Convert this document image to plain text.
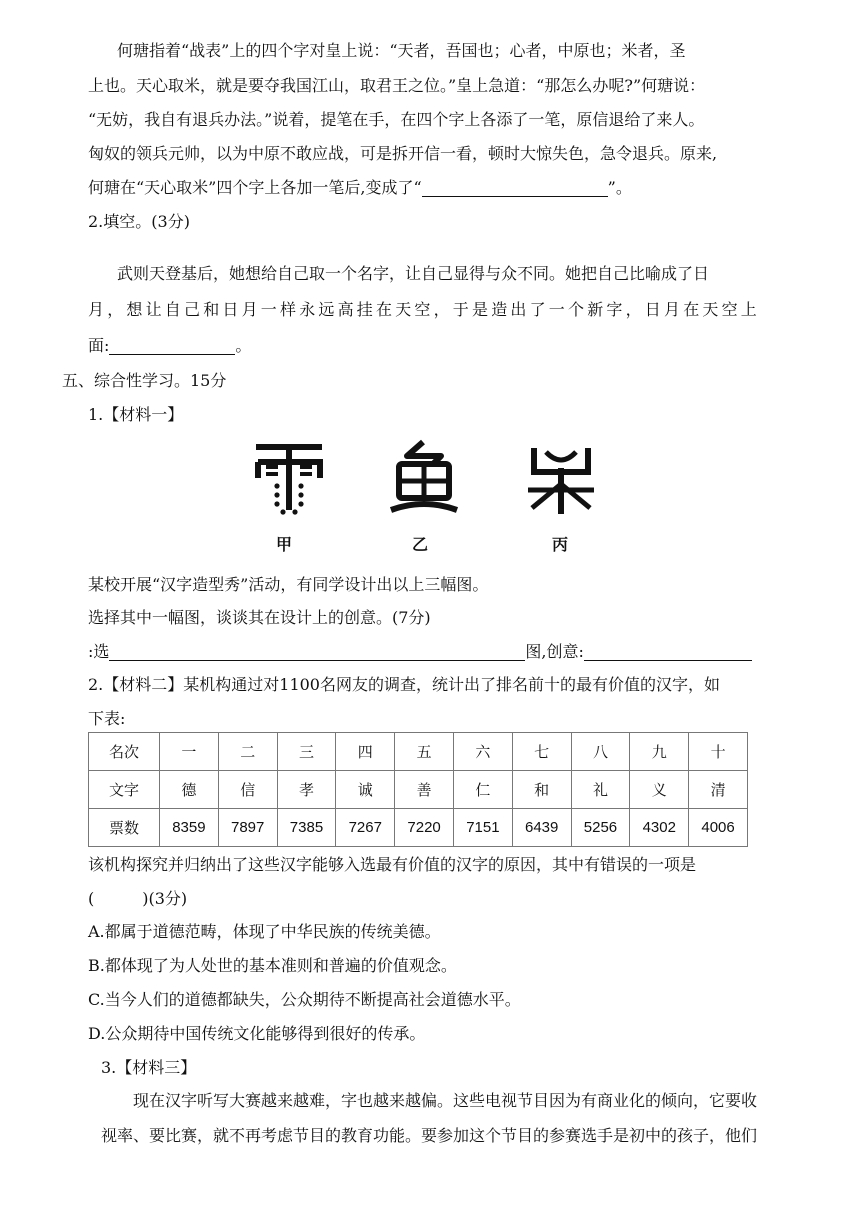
何瑭指着“战表”上的四个字对皇上说：“天者，吾国也；心者，中原也；米者，圣
上也。天心取米，就是要夺我国江山，取君王之位。”皇上急道：“那怎么办呢?”何瑭说：
“无妨，我自有退兵办法。”说着，提笔在手，在四个字上各添了一笔，原信退给了来人。
匈奴的领兵元帅，以为中原不敢应战，可是拆开信一看，顿时大惊失色，急令退兵。原来,
何瑭在“天心取米”四个字上各加一笔后,变成了“	”。
2.填空。(3分)
武则天登基后，她想给自己取一个名字，让自己显得与众不同。她把自己比喻成了日
月，想让自己和日月一样永远高挂在天空，于是造出了一个新字，日月在天空上
面:	。
五、综合性学习。15分
1.【材料一】
甲	乙	丙
某校开展“汉字造型秀”活动，有同学设计出以上三幅图。
选择其中一幅图，谈谈其在设计上的创意。(7分)
:选	图,创意:
2.【材料二】某机构通过对1100名网友的调查，统计出了排名前十的最有价值的汉字，如
下表:
名次	一	二	三	四	五	六	七	八	九	十
文字	德	信	孝	诚	善	仁	和	礼	义	清
票数	8359	7897	7385	7267	7220	7151	6439	5256	4302	4006
该机构探究并归纳出了这些汉字能够入选最有价值的汉字的原因，其中有错误的一项是
(　　　)(3分)
A.都属于道德范畴，体现了中华民族的传统美德。
B.都体现了为人处世的基本准则和普遍的价值观念。
C.当今人们的道德都缺失，公众期待不断提高社会道德水平。
D.公众期待中国传统文化能够得到很好的传承。
3.【材料三】
现在汉字听写大赛越来越难，字也越来越偏。这些电视节目因为有商业化的倾向，它要收
视率、要比赛，就不再考虑节目的教育功能。要参加这个节目的参赛选手是初中的孩子，他们
